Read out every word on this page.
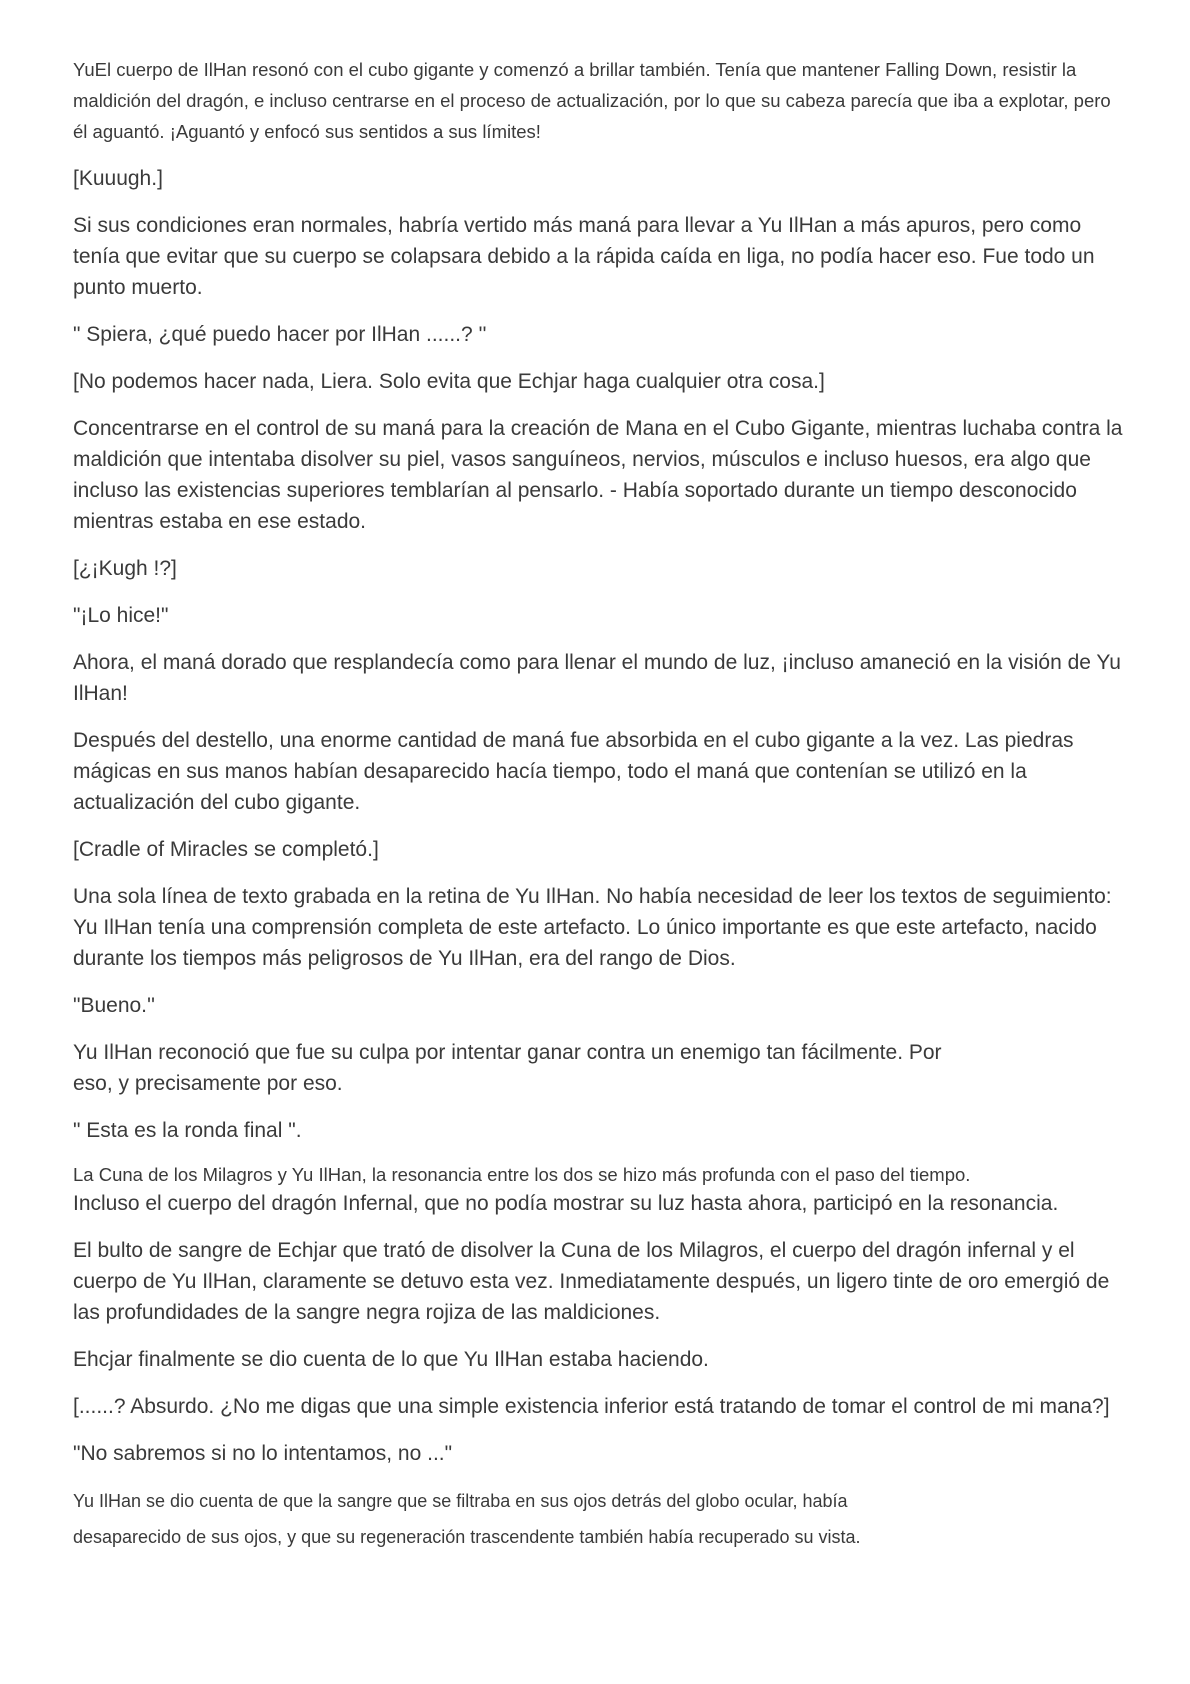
YuEl cuerpo de IlHan resonó con el cubo gigante y comenzó a brillar también. Tenía que mantener Falling Down, resistir la maldición del dragón, e incluso centrarse en el proceso de actualización, por lo que su cabeza parecía que iba a explotar, pero él aguantó. ¡Aguantó y enfocó sus sentidos a sus límites!

[Kuuugh.]

Si sus condiciones eran normales, habría vertido más maná para llevar a Yu IlHan a más apuros, pero como tenía que evitar que su cuerpo se colapsara debido a la rápida caída en liga, no podía hacer eso. Fue todo un punto muerto.

" Spiera, ¿qué puedo hacer por IlHan ......? ''

[No podemos hacer nada, Liera. Solo evita que Echjar haga cualquier otra cosa.]

Concentrarse en el control de su maná para la creación de Mana en el Cubo Gigante, mientras luchaba contra la maldición que intentaba disolver su piel, vasos sanguíneos, nervios, músculos e incluso huesos, era algo que incluso las existencias superiores temblarían al pensarlo. - Había soportado durante un tiempo desconocido mientras estaba en ese estado.

[¿¡Kugh !?]

"¡Lo hice!"

Ahora, el maná dorado que resplandecía como para llenar el mundo de luz, ¡incluso amaneció en la visión de Yu IlHan!

Después del destello, una enorme cantidad de maná fue absorbida en el cubo gigante a la vez. Las piedras mágicas en sus manos habían desaparecido hacía tiempo, todo el maná que contenían se utilizó en la actualización del cubo gigante.

[Cradle of Miracles se completó.]

Una sola línea de texto grabada en la retina de Yu IlHan. No había necesidad de leer los textos de seguimiento: Yu IlHan tenía una comprensión completa de este artefacto. Lo único importante es que este artefacto, nacido durante los tiempos más peligrosos de Yu IlHan, era del rango de Dios.

"Bueno.''

Yu IlHan reconoció que fue su culpa por intentar ganar contra un enemigo tan fácilmente. Por

eso, y precisamente por eso.

" Esta es la ronda final ".

La Cuna de los Milagros y Yu IlHan, la resonancia entre los dos se hizo más profunda con el paso del tiempo.

Incluso el cuerpo del dragón Infernal, que no podía mostrar su luz hasta ahora, participó en la resonancia.

El bulto de sangre de Echjar que trató de disolver la Cuna de los Milagros, el cuerpo del dragón infernal y el cuerpo de Yu IlHan, claramente se detuvo esta vez. Inmediatamente después, un ligero tinte de oro emergió de las profundidades de la sangre negra rojiza de las maldiciones.

Ehcjar finalmente se dio cuenta de lo que Yu IlHan estaba haciendo.

[......? Absurdo. ¿No me digas que una simple existencia inferior está tratando de tomar el control de mi mana?]

"No sabremos si no lo intentamos, no ..."

Yu IlHan se dio cuenta de que la sangre que se filtraba en sus ojos detrás del globo ocular, había

desaparecido de sus ojos, y que su regeneración trascendente también había recuperado su vista.
